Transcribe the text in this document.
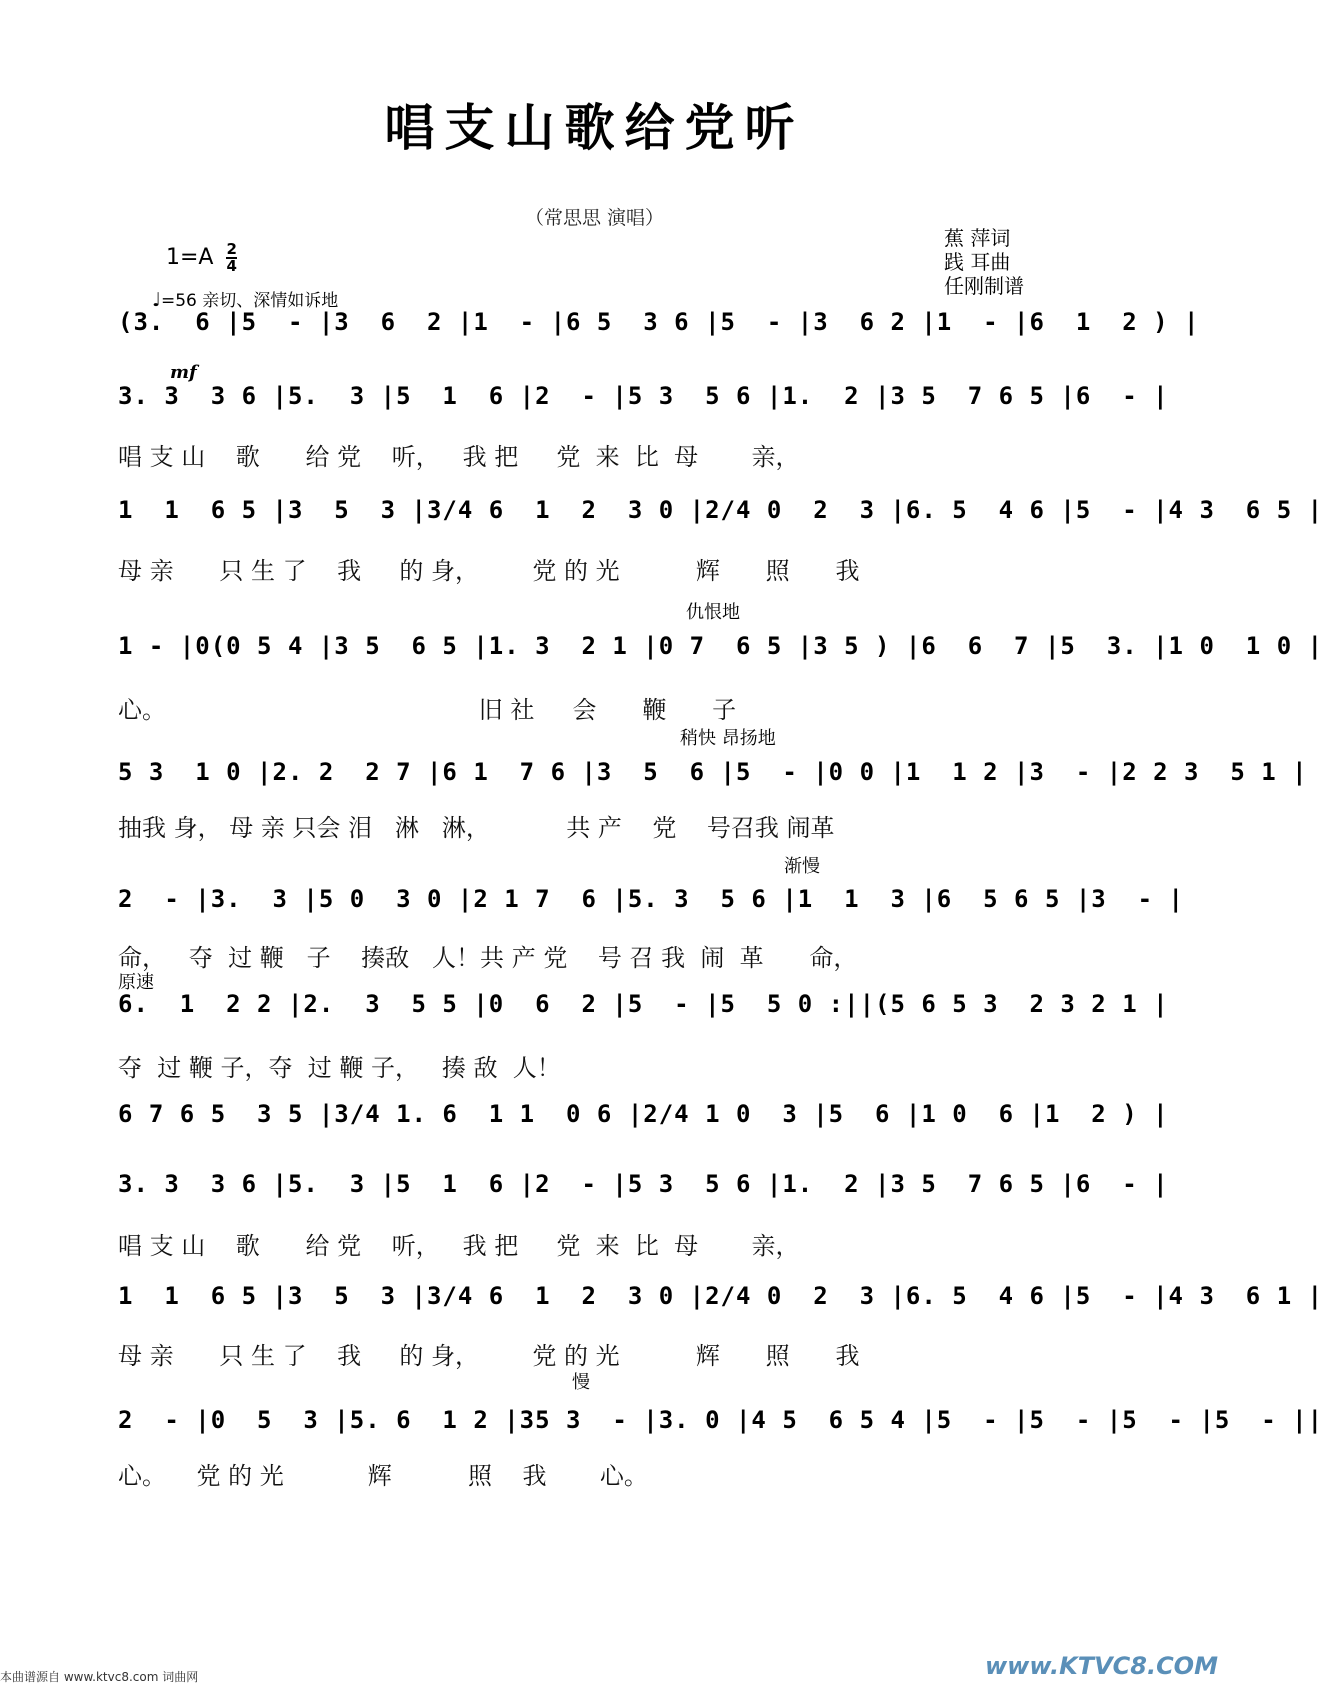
唱支山歌给党听
（常思思 演唱）
蕉 萍词
践 耳曲
任刚制谱
$1=A \frac{2}{4}$
♩=56 亲切、深情如诉地
mf
(3.  6 |5  - |3  6  2 |1  - |6 5  3 6 |5  - |3  6 2 |1  - |6  1  2 ) |
3. 3  3 6 |5.  3 |5  1  6 |2  - |5 3  5 6 |1.  2 |3 5  7 6 5 |6  - |
唱 支 山    歌      给 党    听，   我 把     党  来  比  母       亲，
1  1  6 5 |3  5  3 |3/4 6  1  2  3 0 |2/4 0  2  3 |6. 5  4 6 |5  - |4 3  6 5 |
母 亲      只 生 了    我     的 身，       党 的 光          辉      照      我
仇恨地
1 - |0(0 5 4 |3 5  6 5 |1. 3  2 1 |0 7  6 5 |3 5 ) |6  6  7 |5  3. |1 0  1 0 |
心。                                         旧 社     会      鞭      子
稍快 昂扬地
5 3  1 0 |2. 2  2 7 |6 1  7 6 |3  5  6 |5  - |0 0 |1  1 2 |3  - |2 2 3  5 1 |
抽我 身， 母 亲 只会 泪   淋   淋，          共 产    党    号召我 闹革
渐慢
2  - |3.  3 |5 0  3 0 |2 1 7  6 |5. 3  5 6 |1  1  3 |6  5 6 5 |3  - |
命，   夺  过 鞭   子    揍敌   人！共 产 党    号 召 我  闹  革      命，
原速
6.  1  2 2 |2.  3  5 5 |0  6  2 |5  - |5  5 0 :||(5 6 5 3  2 3 2 1 |
夺  过 鞭 子，夺  过 鞭 子，   揍 敌  人！
6 7 6 5  3 5 |3/4 1. 6  1 1  0 6 |2/4 1 0  3 |5  6 |1 0  6 |1  2 ) |
3. 3  3 6 |5.  3 |5  1  6 |2  - |5 3  5 6 |1.  2 |3 5  7 6 5 |6  - |
唱 支 山    歌      给 党    听，   我 把     党  来  比  母       亲，
1  1  6 5 |3  5  3 |3/4 6  1  2  3 0 |2/4 0  2  3 |6. 5  4 6 |5  - |4 3  6 1 |
母 亲      只 生 了    我     的 身，       党 的 光          辉      照      我
慢
2  - |0  5  3 |5. 6  1 2 |35 3  - |3. 0 |4 5  6 5 4 |5  - |5  - |5  - |5  - ||
心。    党 的 光           辉          照    我       心。
本曲谱源自 www.ktvc8.com 词曲网	www.KTVC8.COM
